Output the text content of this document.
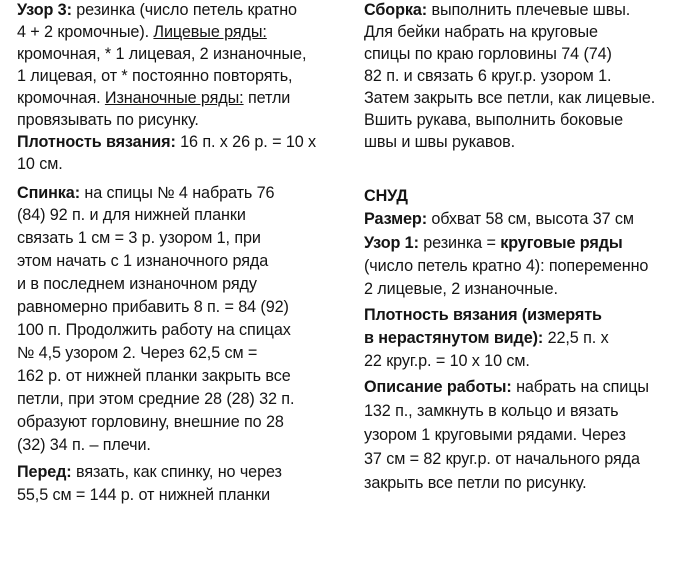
Узор 3: резинка (число петель кратно
4 + 2 кромочные). Лицевые ряды:
кромочная, * 1 лицевая, 2 изнаночные,
1 лицевая, от * постоянно повторять,
кромочная. Изнаночные ряды: петли
провязывать по рисунку.
Плотность вязания: 16 п. х 26 р. = 10 х
10 см.
Спинка: на спицы № 4 набрать 76
(84) 92 п. и для нижней планки
связать 1 см = 3 р. узором 1, при
этом начать с 1 изнаночного ряда
и в последнем изнаночном ряду
равномерно прибавить 8 п. = 84 (92)
100 п. Продолжить работу на спицах
№ 4,5 узором 2. Через 62,5 см =
162 р. от нижней планки закрыть все
петли, при этом средние 28 (28) 32 п.
образуют горловину, внешние по 28
(32) 34 п. – плечи.
Перед: вязать, как спинку, но через
55,5 см = 144 р. от нижней планки
Сборка: выполнить плечевые швы.
Для бейки набрать на круговые
спицы по краю горловины 74 (74)
82 п. и связать 6 круг.р. узором 1.
Затем закрыть все петли, как лицевые.
Вшить рукава, выполнить боковые
швы и швы рукавов.
СНУД
Размер: обхват 58 см, высота 37 см
Узор 1: резинка = круговые ряды
(число петель кратно 4): попеременно
2 лицевые, 2 изнаночные.
Плотность вязания (измерять
в нерастянутом виде): 22,5 п. х
22 круг.р. = 10 х 10 см.
Описание работы: набрать на спицы
132 п., замкнуть в кольцо и вязать
узором 1 круговыми рядами. Через
37 см = 82 круг.р. от начального ряда
закрыть все петли по рисунку.
